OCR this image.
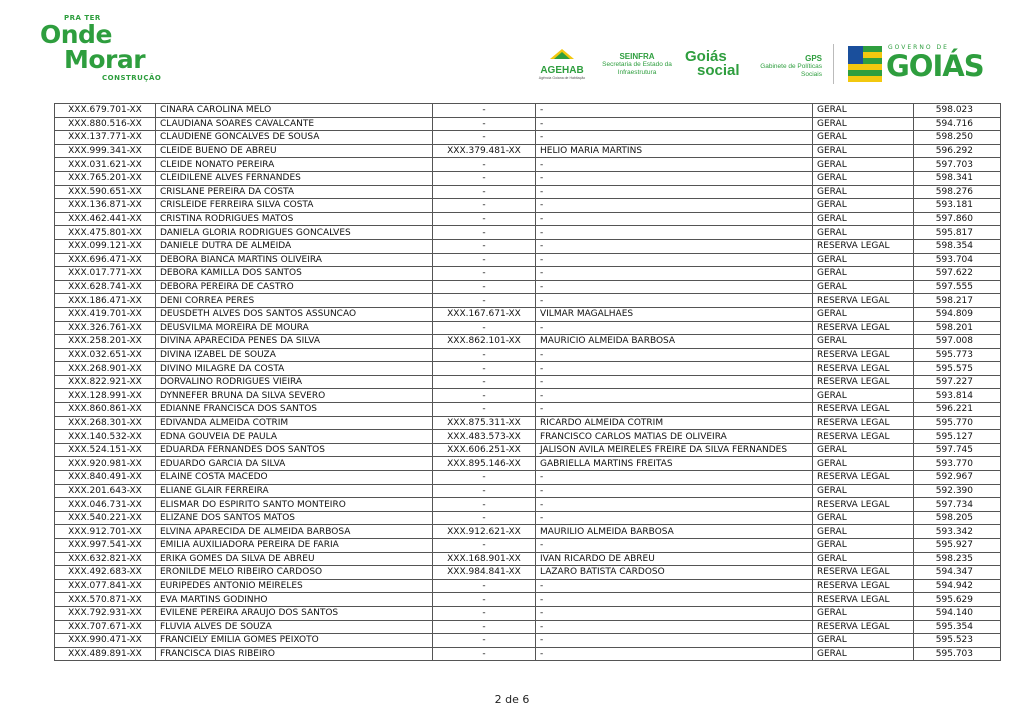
PRA TER
Onde
Morar
CONSTRUÇÃO
AGEHAB
Agência Goiana de Habitação
SEINFRA
Secretaria de Estado da Infraestrutura
Goiás
social
GPS
Gabinete de Políticas Sociais
GOVERNO DE
GOIÁS
XXX.679.701-XX	CINARA CAROLINA MELO	-	-	GERAL	598.023
XXX.880.516-XX	CLAUDIANA SOARES CAVALCANTE	-	-	GERAL	594.716
XXX.137.771-XX	CLAUDIENE GONCALVES DE SOUSA	-	-	GERAL	598.250
XXX.999.341-XX	CLEIDE BUENO DE ABREU	XXX.379.481-XX	HELIO MARIA MARTINS	GERAL	596.292
XXX.031.621-XX	CLEIDE NONATO PEREIRA	-	-	GERAL	597.703
XXX.765.201-XX	CLEIDILENE ALVES FERNANDES	-	-	GERAL	598.341
XXX.590.651-XX	CRISLANE PEREIRA DA COSTA	-	-	GERAL	598.276
XXX.136.871-XX	CRISLEIDE FERREIRA SILVA COSTA	-	-	GERAL	593.181
XXX.462.441-XX	CRISTINA RODRIGUES MATOS	-	-	GERAL	597.860
XXX.475.801-XX	DANIELA GLORIA RODRIGUES GONCALVES	-	-	GERAL	595.817
XXX.099.121-XX	DANIELE DUTRA DE ALMEIDA	-	-	RESERVA LEGAL	598.354
XXX.696.471-XX	DEBORA BIANCA MARTINS OLIVEIRA	-	-	GERAL	593.704
XXX.017.771-XX	DEBORA KAMILLA DOS SANTOS	-	-	GERAL	597.622
XXX.628.741-XX	DEBORA PEREIRA DE CASTRO	-	-	GERAL	597.555
XXX.186.471-XX	DENI CORREA PERES	-	-	RESERVA LEGAL	598.217
XXX.419.701-XX	DEUSDETH ALVES DOS SANTOS ASSUNCAO	XXX.167.671-XX	VILMAR MAGALHAES	GERAL	594.809
XXX.326.761-XX	DEUSVILMA MOREIRA DE MOURA	-	-	RESERVA LEGAL	598.201
XXX.258.201-XX	DIVINA APARECIDA PENES DA SILVA	XXX.862.101-XX	MAURICIO ALMEIDA BARBOSA	GERAL	597.008
XXX.032.651-XX	DIVINA IZABEL DE SOUZA	-	-	RESERVA LEGAL	595.773
XXX.268.901-XX	DIVINO MILAGRE DA COSTA	-	-	RESERVA LEGAL	595.575
XXX.822.921-XX	DORVALINO RODRIGUES VIEIRA	-	-	RESERVA LEGAL	597.227
XXX.128.991-XX	DYNNEFER BRUNA DA SILVA SEVERO	-	-	GERAL	593.814
XXX.860.861-XX	EDIANNE FRANCISCA DOS SANTOS	-	-	RESERVA LEGAL	596.221
XXX.268.301-XX	EDIVANDA ALMEIDA COTRIM	XXX.875.311-XX	RICARDO ALMEIDA COTRIM	RESERVA LEGAL	595.770
XXX.140.532-XX	EDNA GOUVEIA DE PAULA	XXX.483.573-XX	FRANCISCO CARLOS MATIAS DE OLIVEIRA	RESERVA LEGAL	595.127
XXX.524.151-XX	EDUARDA FERNANDES DOS SANTOS	XXX.606.251-XX	JALISON AVILA MEIRELES FREIRE DA SILVA FERNANDES	GERAL	597.745
XXX.920.981-XX	EDUARDO GARCIA DA SILVA	XXX.895.146-XX	GABRIELLA MARTINS FREITAS	GERAL	593.770
XXX.840.491-XX	ELAINE COSTA MACEDO	-	-	RESERVA LEGAL	592.967
XXX.201.643-XX	ELIANE GLAIR FERREIRA	-	-	GERAL	592.390
XXX.046.731-XX	ELISMAR DO ESPIRITO SANTO MONTEIRO	-	-	RESERVA LEGAL	597.734
XXX.540.221-XX	ELIZANE DOS SANTOS MATOS	-	-	GERAL	598.205
XXX.912.701-XX	ELVINA APARECIDA DE ALMEIDA BARBOSA	XXX.912.621-XX	MAURILIO ALMEIDA BARBOSA	GERAL	593.342
XXX.997.541-XX	EMILIA AUXILIADORA PEREIRA DE FARIA	-	-	GERAL	595.927
XXX.632.821-XX	ERIKA GOMES DA SILVA DE ABREU	XXX.168.901-XX	IVAN RICARDO DE ABREU	GERAL	598.235
XXX.492.683-XX	ERONILDE MELO RIBEIRO CARDOSO	XXX.984.841-XX	LAZARO BATISTA CARDOSO	RESERVA LEGAL	594.347
XXX.077.841-XX	EURIPEDES ANTONIO MEIRELES	-	-	RESERVA LEGAL	594.942
XXX.570.871-XX	EVA MARTINS GODINHO	-	-	RESERVA LEGAL	595.629
XXX.792.931-XX	EVILENE PEREIRA ARAUJO DOS SANTOS	-	-	GERAL	594.140
XXX.707.671-XX	FLUVIA ALVES DE SOUZA	-	-	RESERVA LEGAL	595.354
XXX.990.471-XX	FRANCIELY EMILIA GOMES PEIXOTO	-	-	GERAL	595.523
XXX.489.891-XX	FRANCISCA DIAS RIBEIRO	-	-	GERAL	595.703
2 de 6
